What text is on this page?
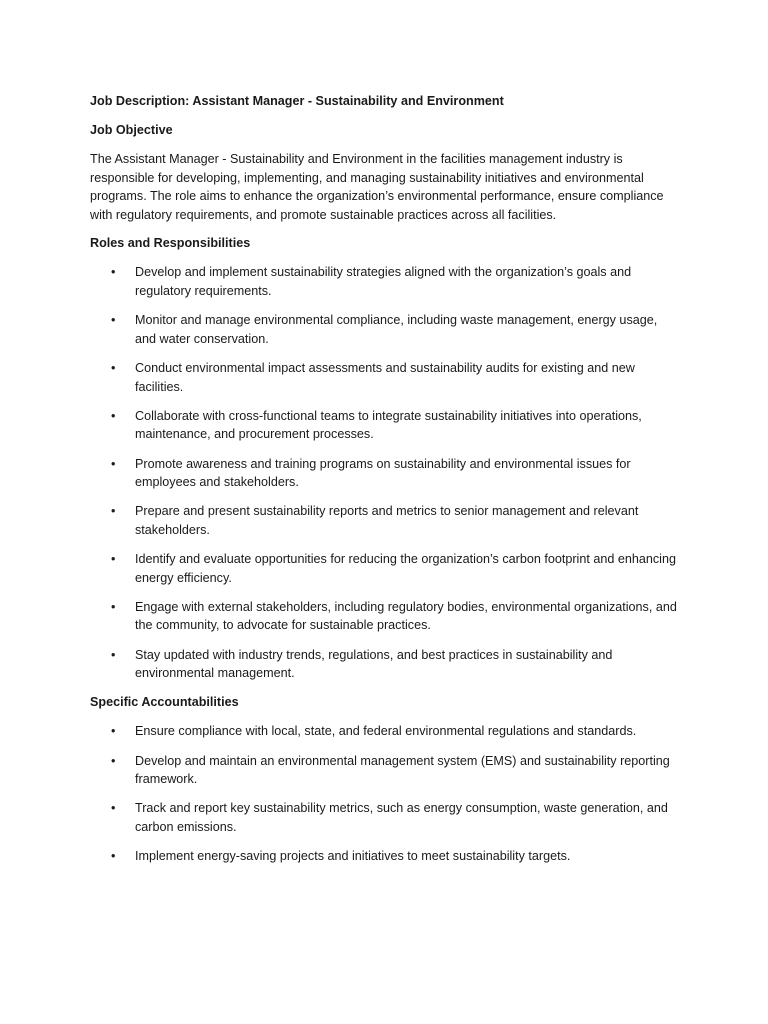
Job Description: Assistant Manager - Sustainability and Environment
Job Objective
The Assistant Manager - Sustainability and Environment in the facilities management industry is responsible for developing, implementing, and managing sustainability initiatives and environmental programs. The role aims to enhance the organization’s environmental performance, ensure compliance with regulatory requirements, and promote sustainable practices across all facilities.
Roles and Responsibilities
• Develop and implement sustainability strategies aligned with the organization’s goals and regulatory requirements.
• Monitor and manage environmental compliance, including waste management, energy usage, and water conservation.
• Conduct environmental impact assessments and sustainability audits for existing and new facilities.
• Collaborate with cross-functional teams to integrate sustainability initiatives into operations, maintenance, and procurement processes.
• Promote awareness and training programs on sustainability and environmental issues for employees and stakeholders.
• Prepare and present sustainability reports and metrics to senior management and relevant stakeholders.
• Identify and evaluate opportunities for reducing the organization’s carbon footprint and enhancing energy efficiency.
• Engage with external stakeholders, including regulatory bodies, environmental organizations, and the community, to advocate for sustainable practices.
• Stay updated with industry trends, regulations, and best practices in sustainability and environmental management.
Specific Accountabilities
• Ensure compliance with local, state, and federal environmental regulations and standards.
• Develop and maintain an environmental management system (EMS) and sustainability reporting framework.
• Track and report key sustainability metrics, such as energy consumption, waste generation, and carbon emissions.
• Implement energy-saving projects and initiatives to meet sustainability targets.
